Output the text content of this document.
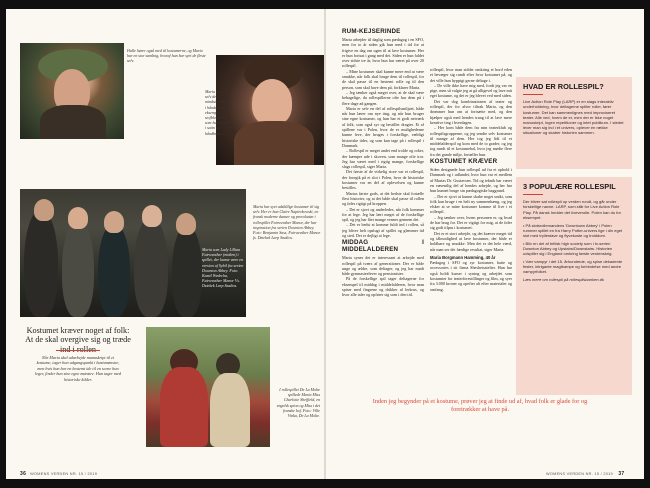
Halle hører også med til kostumerne, og Maria har en stor samling, hvoraf hun har syet de fleste selv.
Maria laver selv den mindste detalje i hånden, for eksempel stofblomster, som hun klipper i satin og håndbrænder.
Maria som Lady Lillian Fairweather (midten) i spillet, der kunne være en version af Sybil fra serien Downton Abbey. Foto: Kamil Wedecha, Fairweather Manor Vs. Dziekek Larp Studios.
Maria har syet adskillige kostumer til sig selv. Her er hun Claire Napierkowski, en fransk moderne danser og provokatør i rollespillet Fairweather Manor, der har inspiration fra serien Downton Abbey. Foto: Benjamin Sass, Fairweather Manor fs. Dziekek Larp Studios.
Kostumet kræver noget af folk: At de skal overgive sig og træde
Når Maria skal udarbejde manuskript til et kostume, tager hun udgangspunkt i basismønstre, men hvis hun har en bestemt ide til en scene hun leger, finder hun sine egne mønstre. Hun tager med historiske kilder.
I rollespillet De La Molte spillede Maria Miss Charlotte Sheffield, en engelsk spion og Miss i det franske hof. Foto: Ville Vinka, De La Molte.
36 WOMENS VERDEN NR. 15 / 2019
RUM-KEJSERINDE

Maria arbejder til daglig som pædagog i en SFO, men for to år siden gik hun med i tid for at frigive en dag om ugen til at lave kostumer. Her er hun fortsat i gang med det. Siden er hun faldet over sidste tre år, hvor hun har været på over 20 rollespil.

– Mine kostumer skal kunne mere end at være smukke, når folk skal bruge dem til rollespil, for de skal passe til en bestemt rolle og til den person, som skal have dem på, forklarer Maria.

– Jeg tænker også meget over, at de skal være behagelige, da rollespillerne ofte har dem på i flere dage ad gangen.

Maria er selv en del af rollespilsmiljøet, både når hun lærer om nye ting, og når hun bruger sine egne kostumer, og hun har et godt netværk af folk, som også syr og bestiller dragter. Et af spillene var i Polen, hvor de er mulighederne kunne leve, der bruges i forskellige, vældigt historiske tider, og som kan tage på i rollespil i Danmark.

– Rollespil er meget andet end trolde og orker, der kæmper ude i skoven, som mange ofte tror. Jeg har været med i rigtig mange, forskellige slags rollespil, siger Maria.

Det første af de virkelig store var et rollespil, der foregik på et slot i Polen, hvor de historiske kostumer var en del af oplevelsen og kunne bestilles.

Marias første gods, at det bedste skal fortælle flest historier, og at det både skal passe til rollen og føles rigtigt på kroppen.

– Det er sjovt og anderledes, når folk kommer for at lege. Jeg har lært meget af de forskellige spil, og jeg har fået mange venner gennem det.

– Det er bedst at komme fuldt ind i rollen, så jeg bliver helt opslugt af spillet og glemmer tid og sted. Det er dejligt at lege.

MIDDAG I MIDDELALDEREN

Maria synes det er interessant at arbejde med rollespil på tværs af generationer. Der er både unge og ældre, som deltager, og jeg har mødt både gymnasieelever og pensionister.

På de forskellige spil tager deltagerne for eksempel til middag i middelalderen, hvor man spiser med fingrene og drikker af lerkrus, og hvor alle taler og opfører sig som i den tid.

rollespil, hvor man sidder omkring et bord eden et bevæger sig rundt efter hvor kostumet på, og det ville hun hyppigt gerne deltage i.

– De ville ikke have mig med, fordi jeg var en pige, men så valgte jeg at gå alligevel og lave mit eget kostume, og det er jeg blevet ved med siden.

Det var dog kombinationen af teater og rollespil, der for alvor tiltrak Maria, og den drømmer hun om at fortsætte med, og den hjælper også med hendes trang til at lave mere kreative ting i hverdagen.

– Her kom både dem fra min teaterklub og rollespilsgrupperne, og jeg sendte selv kostumer til mange af dem. Her tog jeg lidt til et middelalderspil og kom med de to grader, og jeg tog rundt til et kostumebal, hvor jeg mødte flere fra det gamle miljø, fortæller hun.

KOSTUMET KRÆVER

Siden designede hun rollespil ud fra et ophold i Danmark og i udlandet, hvor hun var et medlem af Marias Dr. Gustavsen. Tid og teknik har været en væsentlig del af hendes arbejde, og her har hun kunnet bruge sin pædagogiske baggrund.

– Det er sjovt at kunne skabe noget unikt, som folk kan bruge i en helt ny sammenhæng, og jeg elsker at se mine kostumer komme til live i et rollespil.

– Jeg tænker over, hvem personen er, og hvad de har brug for. Det er vigtigt for mig, at de føler sig godt tilpas i kostumet.

Det er et stort arbejde, og det kræver meget tid og tålmodighed at lave kostumer, der både er holdbare og smukke. Men det er det hele værd, når man ser det færdige resultat, siger Maria.

Maria Borgmann Hamming, 40 år

Pædagog i SFO og syr kostumer, hatte og accessories i sit firma Shesheisatelier. Hun har også holdt kurser i syning og arbejdet som kostumier for teaterforestillinger og film, og syer fra 3.000 kroner og opefter alt efter materialer og omfang.

HVAD ER ROLLESPIL?
Live Action Role Play (LARP) er en slags interaktiv underholdning, hvor deltagerne spiller roller, fører kostumer. Det kan sammenlignes med improviseret teater. Alle ved, hvem de er, men der er ikke noget manuskript, ingen repetitioner og intet publikum. I stedet lever man sig ind i et univers, oplever en række situationer og skaber historien sammen.
3 POPULÆRE ROLLESPIL
Der bliver sat rollespil op verden rundt, og går under forskellige navne. LARP, som står for Live Action Role Play. På dansk hedder det liveverolle. Polen kan du for eksempel:
• På slotsrollemandens 'Downtown Abbey' i Polen rummer spillet en fra Harry Potter-univers lige i din eget slot med tryllestave og flyvekoste og trolddom.
• Bliv en del af britisk high society som i tv-serien Downton Abbey og Upstairs/Downstairs. Historien udspiller sig i England omkring første verdenskrig.
• Vær vampyr i det 15. århundrede, og spise dekadente fester, intrigante magtkampe og forbindelse med andre vampyrfolket.
Læs mere om rollespil på rollespilsbanken.dk
Inden jeg begynder på et kostume, prøver jeg at finde ud af, hvad folk er glade for og foretrækker at have på.
WOMENS VERDEN NR. 15 / 2019 37
